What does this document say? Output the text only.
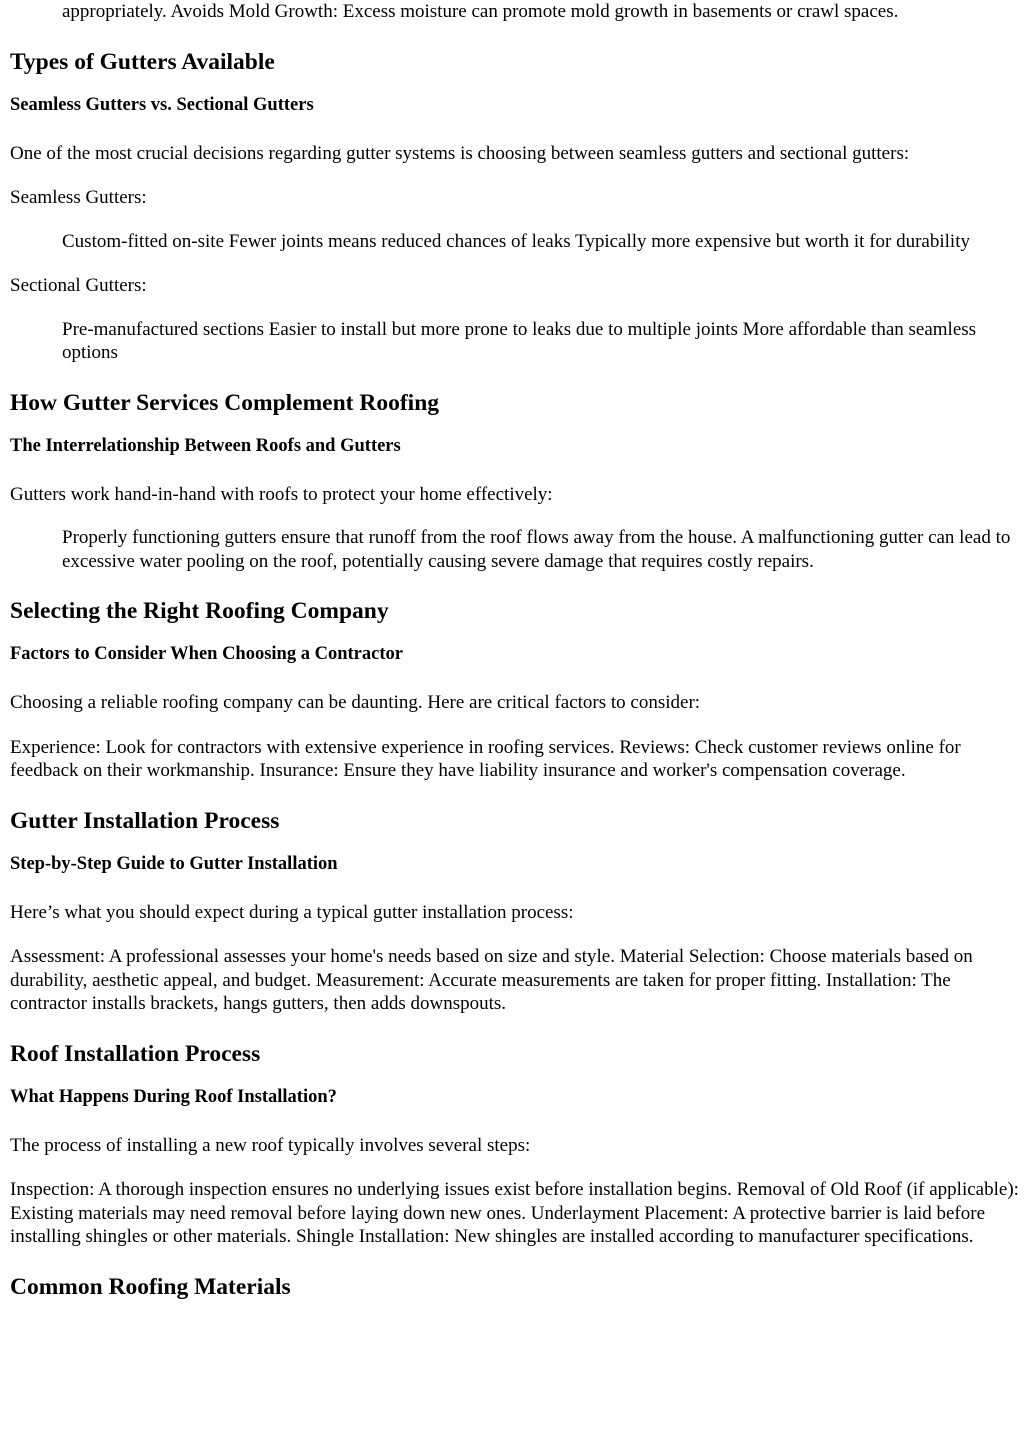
appropriately. Avoids Mold Growth: Excess moisture can promote mold growth in basements or crawl spaces.
Types of Gutters Available
Seamless Gutters vs. Sectional Gutters

One of the most crucial decisions regarding gutter systems is choosing between seamless gutters and sectional gutters:

Seamless Gutters:

Custom-fitted on-site Fewer joints means reduced chances of leaks Typically more expensive but worth it for durability

Sectional Gutters:

Pre-manufactured sections Easier to install but more prone to leaks due to multiple joints More affordable than seamless options
How Gutter Services Complement Roofing
The Interrelationship Between Roofs and Gutters

Gutters work hand-in-hand with roofs to protect your home effectively:

Properly functioning gutters ensure that runoff from the roof flows away from the house. A malfunctioning gutter can lead to excessive water pooling on the roof, potentially causing severe damage that requires costly repairs.
Selecting the Right Roofing Company
Factors to Consider When Choosing a Contractor

Choosing a reliable roofing company can be daunting. Here are critical factors to consider:

Experience: Look for contractors with extensive experience in roofing services. Reviews: Check customer reviews online for feedback on their workmanship. Insurance: Ensure they have liability insurance and worker's compensation coverage.

Gutter Installation Process
Step-by-Step Guide to Gutter Installation

Here’s what you should expect during a typical gutter installation process:

Assessment: A professional assesses your home's needs based on size and style. Material Selection: Choose materials based on durability, aesthetic appeal, and budget. Measurement: Accurate measurements are taken for proper fitting. Installation: The contractor installs brackets, hangs gutters, then adds downspouts.

Roof Installation Process
What Happens During Roof Installation?

The process of installing a new roof typically involves several steps:

Inspection: A thorough inspection ensures no underlying issues exist before installation begins. Removal of Old Roof (if applicable): Existing materials may need removal before laying down new ones. Underlayment Placement: A protective barrier is laid before installing shingles or other materials. Shingle Installation: New shingles are installed according to manufacturer specifications.

Common Roofing Materials
